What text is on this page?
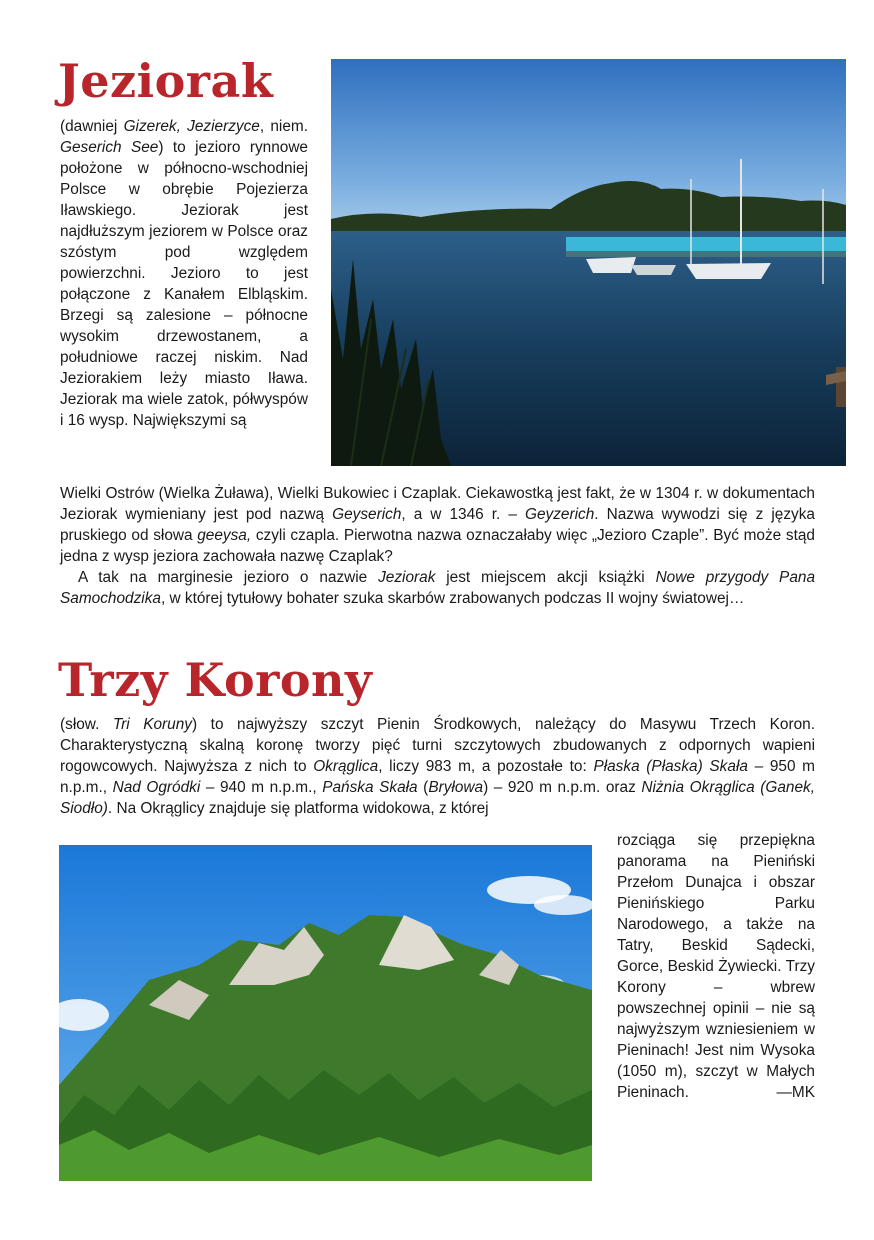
Jeziorak

(dawniej Gizerek, Jezierzyce, niem. Geserich See) to jezioro rynnowe położone w północno-wschodniej Polsce w obrębie Pojezierza Iławskiego. Jeziorak jest najdłuższym jeziorem w Polsce oraz szóstym pod względem powierzchni. Jezioro to jest połączone z Kanałem Elbląskim. Brzegi są zalesione – północne wysokim drzewostanem, a południowe raczej niskim. Nad Jeziorakiem leży miasto Iława. Jeziorak ma wiele zatok, półwyspów i 16 wysp. Największymi są

Wielki Ostrów (Wielka Żuława), Wielki Bukowiec i Czaplak. Ciekawostką jest fakt, że w 1304 r. w dokumentach Jeziorak wymieniany jest pod nazwą Geyserich, a w 1346 r. – Geyzerich. Nazwa wywodzi się z języka pruskiego od słowa geeysa, czyli czapla. Pierwotna nazwa oznaczałaby więc „Jezioro Czaple”. Być może stąd jedna z wysp jeziora zachowała nazwę Czaplak?

A tak na marginesie jezioro o nazwie Jeziorak jest miejscem akcji książki Nowe przygody Pana Samochodzika, w której tytułowy bohater szuka skarbów zrabowanych podczas II wojny światowej…

Trzy Korony

(słow. Tri Koruny) to najwyższy szczyt Pienin Środkowych, należący do Masywu Trzech Koron. Charakterystyczną skalną koronę tworzy pięć turni szczytowych zbudowanych z odpornych wapieni rogowcowych. Najwyższa z nich to Okrąglica, liczy 983 m, a pozostałe to: Płaska (Płaska) Skała – 950 m n.p.m., Nad Ogródki – 940 m n.p.m., Pańska Skała (Bryłowa) – 920 m n.p.m. oraz Niżnia Okrąglica (Ganek, Siodło). Na Okrąglicy znajduje się platforma widokowa, z której

rozciąga się przepiękna panorama na Pieniński Przełom Dunajca i obszar Pienińskiego Parku Narodowego, a także na Tatry, Beskid Sądecki, Gorce, Beskid Żywiecki. Trzy Korony – wbrew powszechnej opinii – nie są najwyższym wzniesieniem w Pieninach! Jest nim Wysoka (1050 m), szczyt w Małych Pieninach.	—MK
